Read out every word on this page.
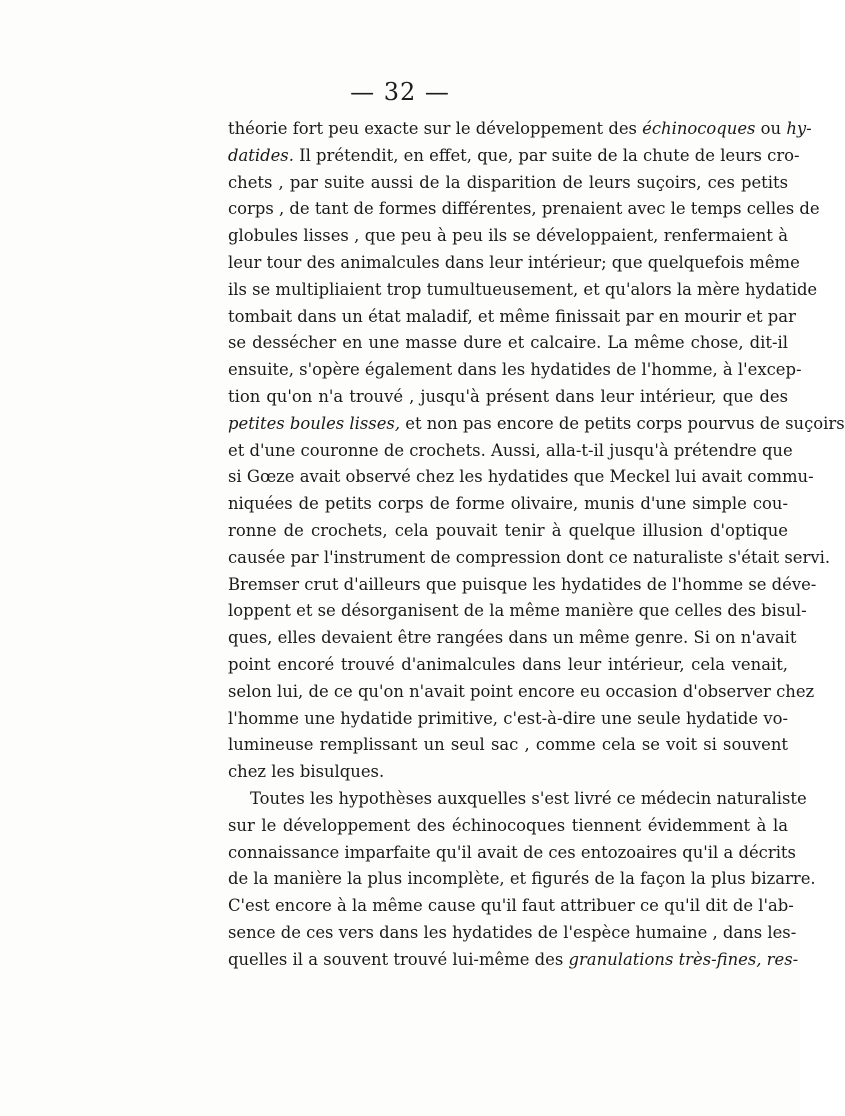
— 32 —
théorie fort peu exacte sur le développement des échinocoques ou hy-
datides. Il prétendit, en effet, que, par suite de la chute de leurs cro-
chets , par suite aussi de la disparition de leurs suçoirs, ces petits
corps , de tant de formes différentes, prenaient avec le temps celles de
globules lisses , que peu à peu ils se développaient, renfermaient à
leur tour des animalcules dans leur intérieur; que quelquefois même
ils se multipliaient trop tumultueusement, et qu'alors la mère hydatide
tombait dans un état maladif, et même finissait par en mourir et par
se dessécher en une masse dure et calcaire. La même chose, dit-il
ensuite, s'opère également dans les hydatides de l'homme, à l'excep-
tion qu'on n'a trouvé , jusqu'à présent dans leur intérieur, que des
petites boules lisses, et non pas encore de petits corps pourvus de suçoirs
et d'une couronne de crochets. Aussi, alla-t-il jusqu'à prétendre que
si Gœze avait observé chez les hydatides que Meckel lui avait commu-
niquées de petits corps de forme olivaire, munis d'une simple cou-
ronne de crochets, cela pouvait tenir à quelque illusion d'optique
causée par l'instrument de compression dont ce naturaliste s'était servi.
Bremser crut d'ailleurs que puisque les hydatides de l'homme se déve-
loppent et se désorganisent de la même manière que celles des bisul-
ques, elles devaient être rangées dans un même genre. Si on n'avait
point encoré trouvé d'animalcules dans leur intérieur, cela venait,
selon lui, de ce qu'on n'avait point encore eu occasion d'observer chez
l'homme une hydatide primitive, c'est-à-dire une seule hydatide vo-
lumineuse remplissant un seul sac , comme cela se voit si souvent
chez les bisulques.
Toutes les hypothèses auxquelles s'est livré ce médecin naturaliste
sur le développement des échinocoques tiennent évidemment à la
connaissance imparfaite qu'il avait de ces entozoaires qu'il a décrits
de la manière la plus incomplète, et figurés de la façon la plus bizarre.
C'est encore à la même cause qu'il faut attribuer ce qu'il dit de l'ab-
sence de ces vers dans les hydatides de l'espèce humaine , dans les-
quelles il a souvent trouvé lui-même des granulations très-fines, res-
